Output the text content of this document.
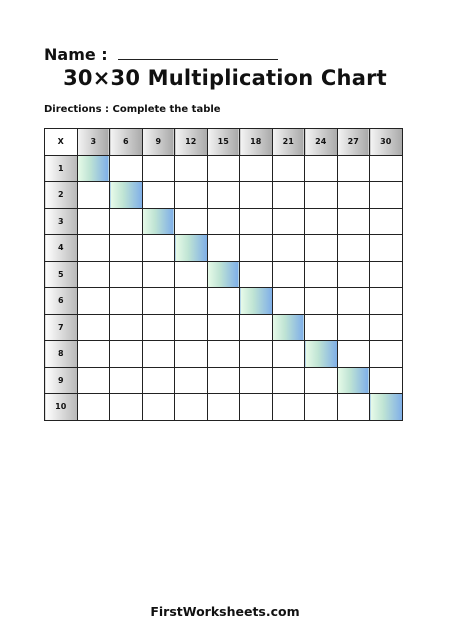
Name :
30×30 Multiplication Chart
Directions : Complete the table
X	3	6	9	12	15	18	21	24	27	30
1										
2										
3										
4										
5										
6										
7										
8										
9										
10										
FirstWorksheets.com
